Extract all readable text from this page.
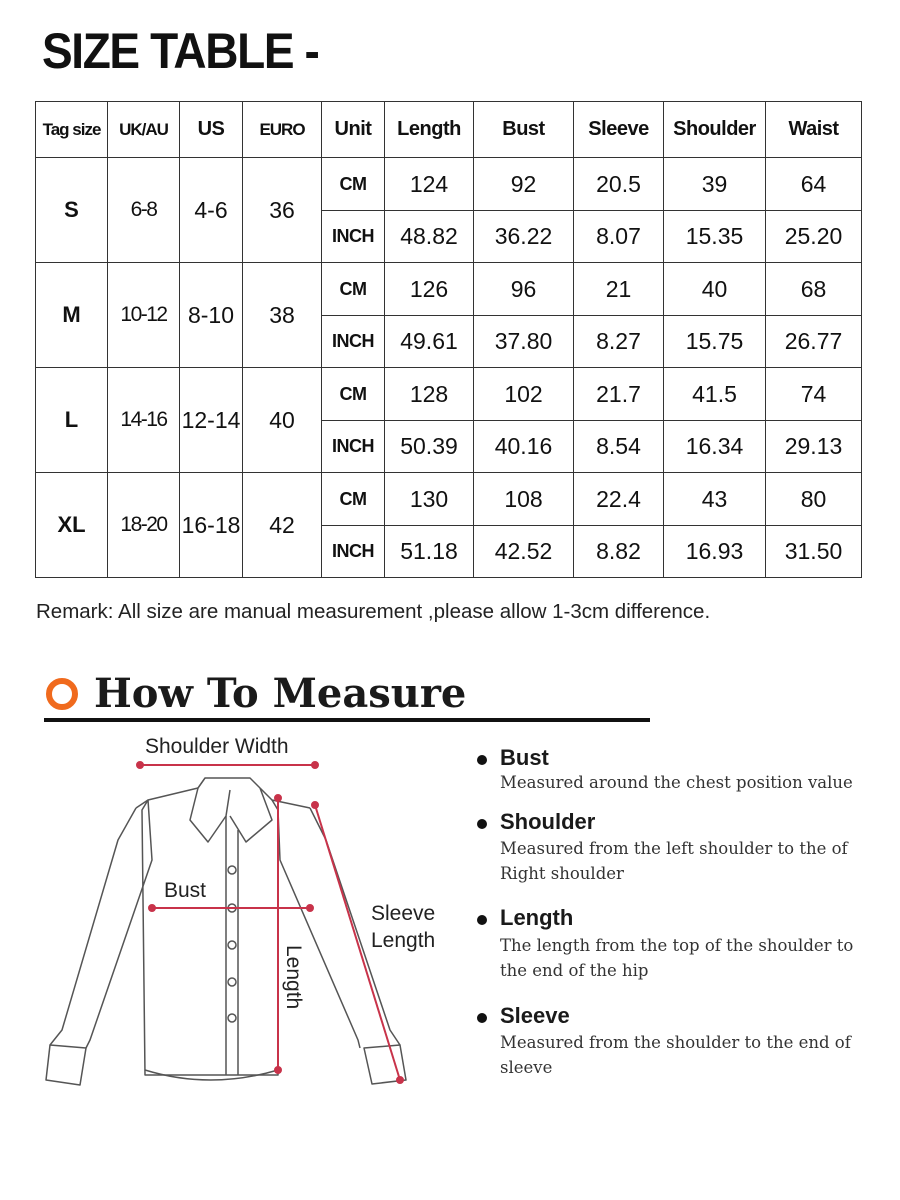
SIZE TABLE -
Tag size	UK/AU	US	EURO	Unit	Length	Bust	Sleeve	Shoulder	Waist
S	6-8	4-6	36	CM	124	92	20.5	39	64
				INCH	48.82	36.22	8.07	15.35	25.20
M	10-12	8-10	38	CM	126	96	21	40	68
				INCH	49.61	37.80	8.27	15.75	26.77
L	14-16	12-14	40	CM	128	102	21.7	41.5	74
				INCH	50.39	40.16	8.54	16.34	29.13
XL	18-20	16-18	42	CM	130	108	22.4	43	80
				INCH	51.18	42.52	8.82	16.93	31.50
Remark: All size are manual measurement ,please allow 1-3cm difference.
How To Measure
Shoulder Width
Bust
Length
Sleeve
Length
Bust
Measured around the chest position value
Shoulder
Measured from the left shoulder to the of Right shoulder
Length
The length from the top of the shoulder to the end of the hip
Sleeve
Measured from the shoulder to the end of sleeve
